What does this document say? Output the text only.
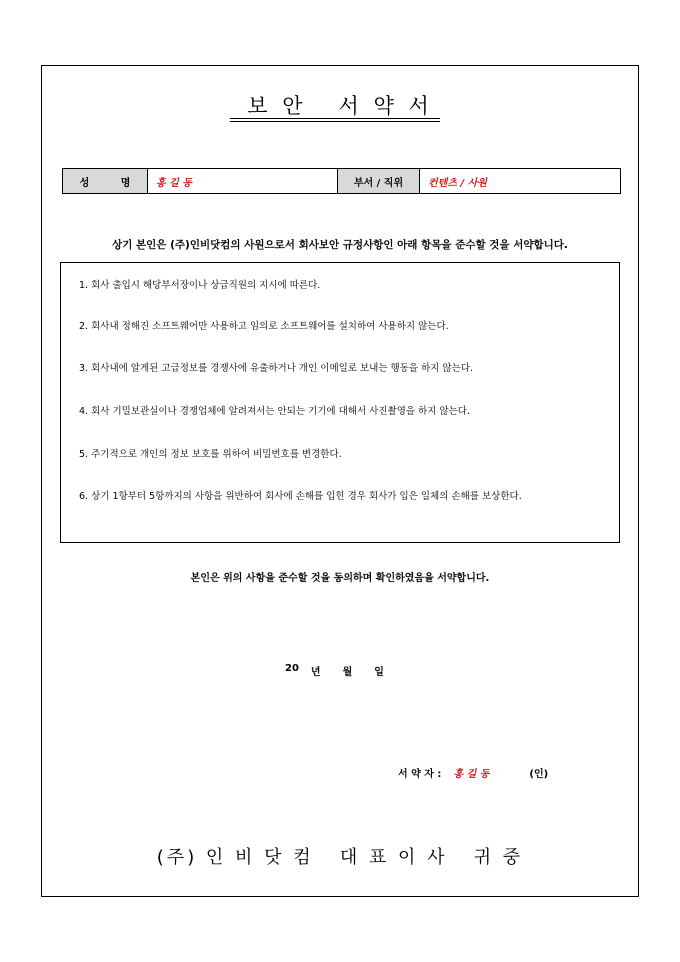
보 안   서 약 서
성 명	홍 길 동	부서 / 직위	컨텐츠 / 사원
상기 본인은 (주)인비닷컴의 사원으로서 회사보안 규정사항인 아래 항목을 준수할 것을 서약합니다.
1. 회사 출입시 해당부서장이나 상급직원의 지시에 따른다.
2. 회사내 정해진 소프트웨어만 사용하고 임의로 소프트웨어를 설치하여 사용하지 않는다.
3. 회사내에 알게된 고급정보를 경쟁사에 유출하거나 개인 이메일로 보내는 행동을 하지 않는다.
4. 회사 기밀보관실이나 경쟁업체에 알려져서는 안되는 기기에 대해서 사진촬영을 하지 않는다.
5. 주기적으로 개인의 정보 보호를 위하여 비밀번호를 변경한다.
6. 상기 1항부터 5항까지의 사항을 위반하여 회사에 손해를 입힌 경우 회사가 입은 일체의 손해를 보상한다.
본인은 위의 사항을 준수할 것을 동의하며 확인하였음을 서약합니다.
20 년 월 일
서 약 자 : 홍 길 동	(인)
(주) 인 비 닷 컴   대 표 이 사   귀 중
